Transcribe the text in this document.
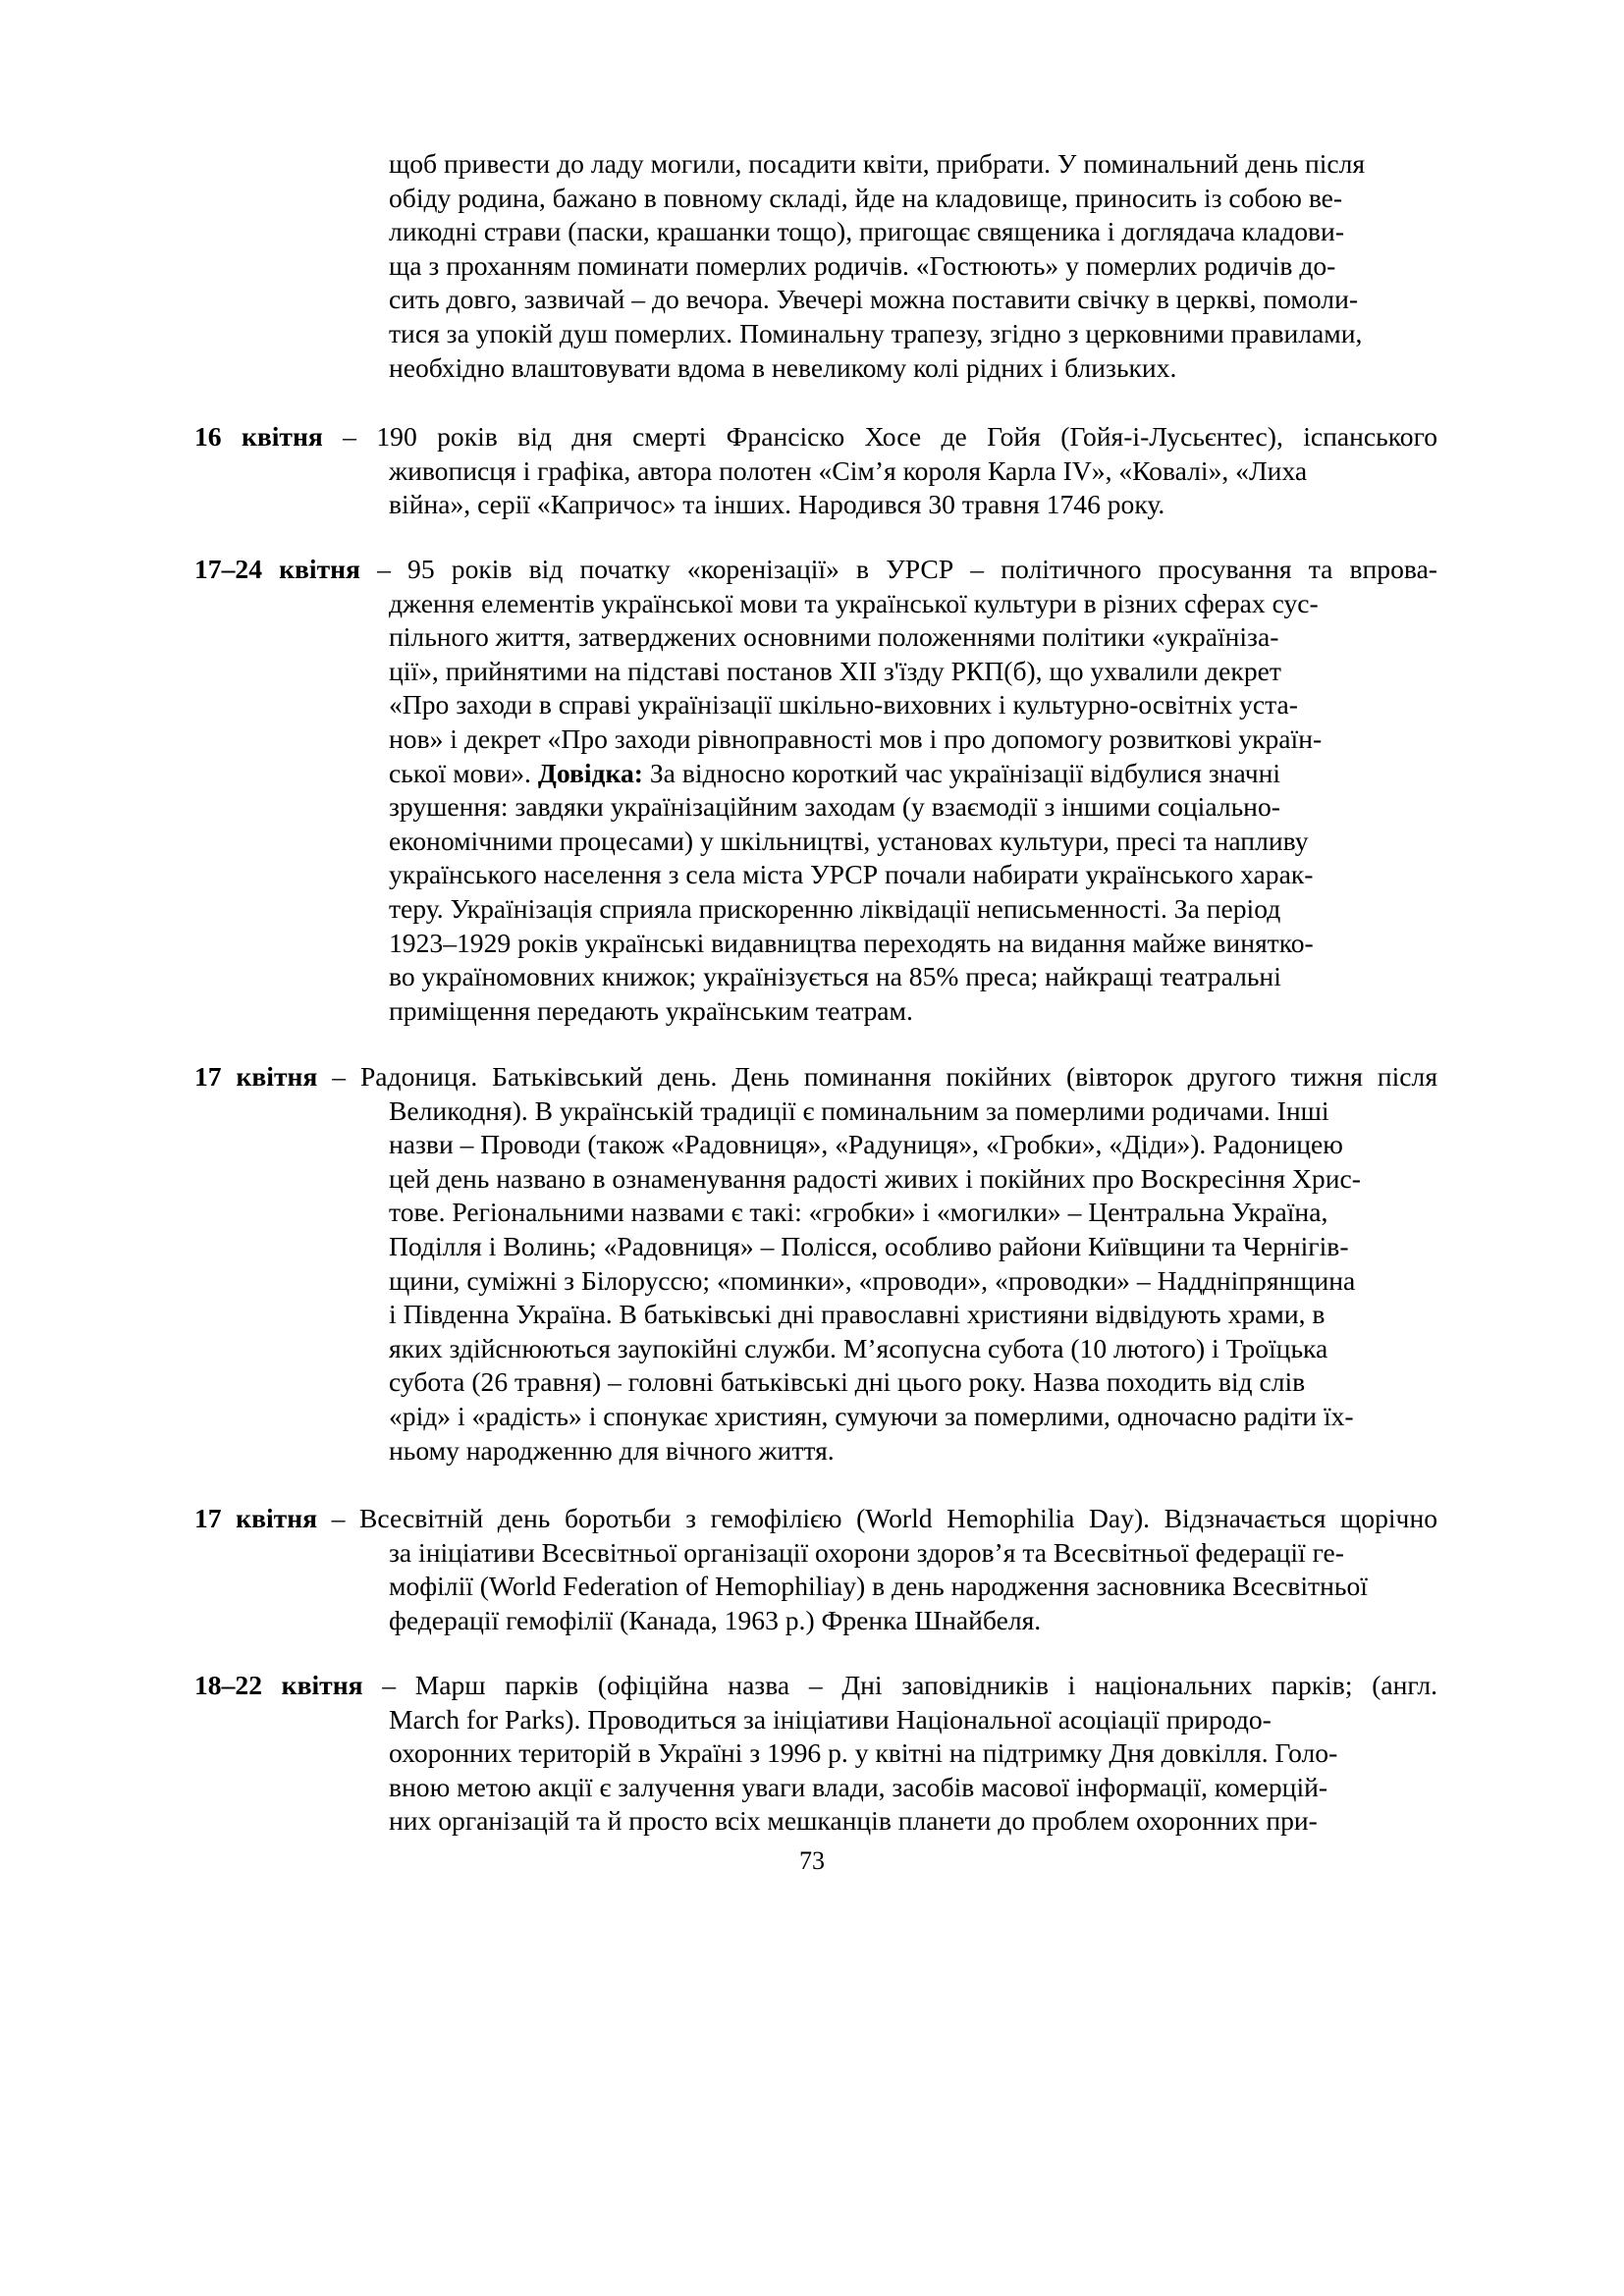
щоб привести до ладу могили, посадити квіти, прибрати. У поминальний день після
обіду родина, бажано в повному складі, йде на кладовище, приносить із собою ве-
ликодні страви (паски, крашанки тощо), пригощає священика і доглядача кладови-
ща з проханням поминати померлих родичів. «Гостюють» у померлих родичів до-
сить довго, зазвичай – до вечора. Увечері можна поставити свічку в церкві, помоли-
тися за упокій душ померлих. Поминальну трапезу, згідно з церковними правилами,
необхідно влаштовувати вдома в невеликому колі рідних і близьких.

16 квітня – 190 років від дня смерті Франсіско Хосе де Гойя (Гойя-і-Лусьєнтес), іспанського
живописця і графіка, автора полотен «Сім’я короля Карла IV», «Ковалі», «Лиха
війна», серії «Капричос» та інших. Народився 30 травня 1746 року.
17–24 квітня – 95 років від початку «коренізації» в УРСР – політичного просування та впрова-
дження елементів української мови та української культури в різних сферах сус-
пільного життя, затверджених основними положеннями політики «українізa-
ції», прийнятими на підставі постанов XII з'їзду РКП(б), що ухвалили декрет
«Про заходи в справі українізації шкільно-виховних і культурно-освітніх уста-
нов» і декрет «Про заходи рівноправності мов і про допомогу розвиткові україн-
ської мови». Довідка: За відносно короткий час українізації відбулися значні
зрушення: завдяки українізаційним заходам (у взаємодії з іншими соціально-
економічними процесами) у шкільництві, установах культури, пресі та напливу
українського населення з села міста УРСР почали набирати українського харак-
теру. Українізація сприяла прискоренню ліквідації неписьменності. За період
1923–1929 років українські видавництва переходять на видання майже винятко-
во україномовних книжок; українізується на 85% преса; найкращі театральні
приміщення передають українським театрам.
17 квітня – Радониця. Батьківський день. День поминання покійних (вівторок другого тижня після
Великодня). В українській традиції є поминальним за померлими родичами. Інші
назви – Проводи (також «Радовниця», «Радуниця», «Гробки», «Діди»). Радоницею
цей день названо в ознаменування радості живих і покійних про Воскресіння Хрис-
тове. Регіональними назвами є такі: «гробки» і «могилки» – Центральна Україна,
Поділля і Волинь; «Радовниця» – Полісся, особливо райони Київщини та Чернігів-
щини, суміжні з Білоруссю; «поминки», «проводи», «проводки» – Наддніпрянщина
і Південна Україна. В батьківські дні православні християни відвідують храми, в
яких здійснюються заупокійні служби. М’ясопусна субота (10 лютого) і Троїцька
субота (26 травня) – головні батьківські дні цього року. Назва походить від слів
«рід» і «радість» і спонукає християн, сумуючи за померлими, одночасно радіти їх-
ньому народженню для вічного життя.
17 квітня – Всесвітній день боротьби з гемофілією (World Hemophilia Day). Відзначається щорічно
за ініціативи Всесвітньої організації охорони здоров’я та Всесвітньої федерації ге-
мофілії (World Federation of Hemophiliay) в день народження засновника Всесвітньої
федерації гемофілії (Канада, 1963 р.) Френка Шнайбеля.
18–22 квітня – Марш парків (офіційна назва – Дні заповідників і національних парків; (англ.
March for Parks). Проводиться за ініціативи Національної асоціації природо-
охоронних територій в Україні з 1996 р. у квітні на підтримку Дня довкілля. Голо-
вною метою акції є залучення уваги влади, засобів масової інформації, комерцій-
них організацій та й просто всіх мешканців планети до проблем охоронних при-
73
